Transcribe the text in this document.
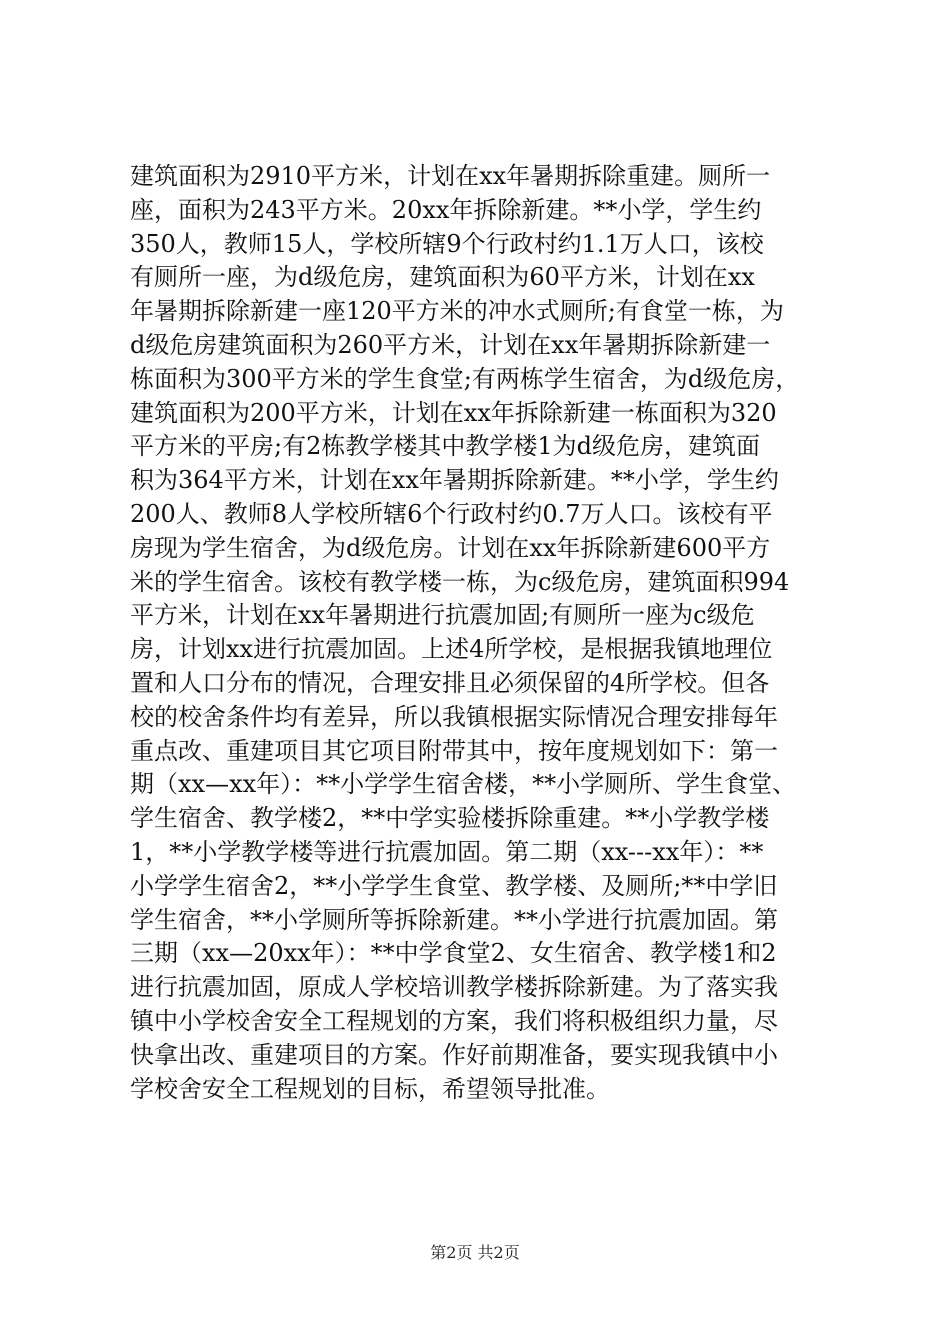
建筑面积为2910平方米，计划在xx年暑期拆除重建。厕所一
座，面积为243平方米。20xx年拆除新建。**小学，学生约
350人，教师15人，学校所辖9个行政村约1.1万人口，该校
有厕所一座，为d级危房，建筑面积为60平方米，计划在xx
年暑期拆除新建一座120平方米的冲水式厕所;有食堂一栋，为
d级危房建筑面积为260平方米，计划在xx年暑期拆除新建一
栋面积为300平方米的学生食堂;有两栋学生宿舍，为d级危房，
建筑面积为200平方米，计划在xx年拆除新建一栋面积为320
平方米的平房;有2栋教学楼其中教学楼1为d级危房，建筑面
积为364平方米，计划在xx年暑期拆除新建。**小学，学生约
200人、教师8人学校所辖6个行政村约0.7万人口。该校有平
房现为学生宿舍，为d级危房。计划在xx年拆除新建600平方
米的学生宿舍。该校有教学楼一栋，为c级危房，建筑面积994
平方米，计划在xx年暑期进行抗震加固;有厕所一座为c级危
房，计划xx进行抗震加固。上述4所学校，是根据我镇地理位
置和人口分布的情况，合理安排且必须保留的4所学校。但各
校的校舍条件均有差异，所以我镇根据实际情况合理安排每年
重点改、重建项目其它项目附带其中，按年度规划如下：第一
期（xx—xx年）：**小学学生宿舍楼，**小学厕所、学生食堂、
学生宿舍、教学楼2，**中学实验楼拆除重建。**小学教学楼
1，**小学教学楼等进行抗震加固。第二期（xx---xx年）：**
小学学生宿舍2，**小学学生食堂、教学楼、及厕所;**中学旧
学生宿舍，**小学厕所等拆除新建。**小学进行抗震加固。第
三期（xx—20xx年）：**中学食堂2、女生宿舍、教学楼1和2
进行抗震加固，原成人学校培训教学楼拆除新建。为了落实我
镇中小学校舍安全工程规划的方案，我们将积极组织力量，尽
快拿出改、重建项目的方案。作好前期准备，要实现我镇中小
学校舍安全工程规划的目标，希望领导批准。
第2页 共2页
